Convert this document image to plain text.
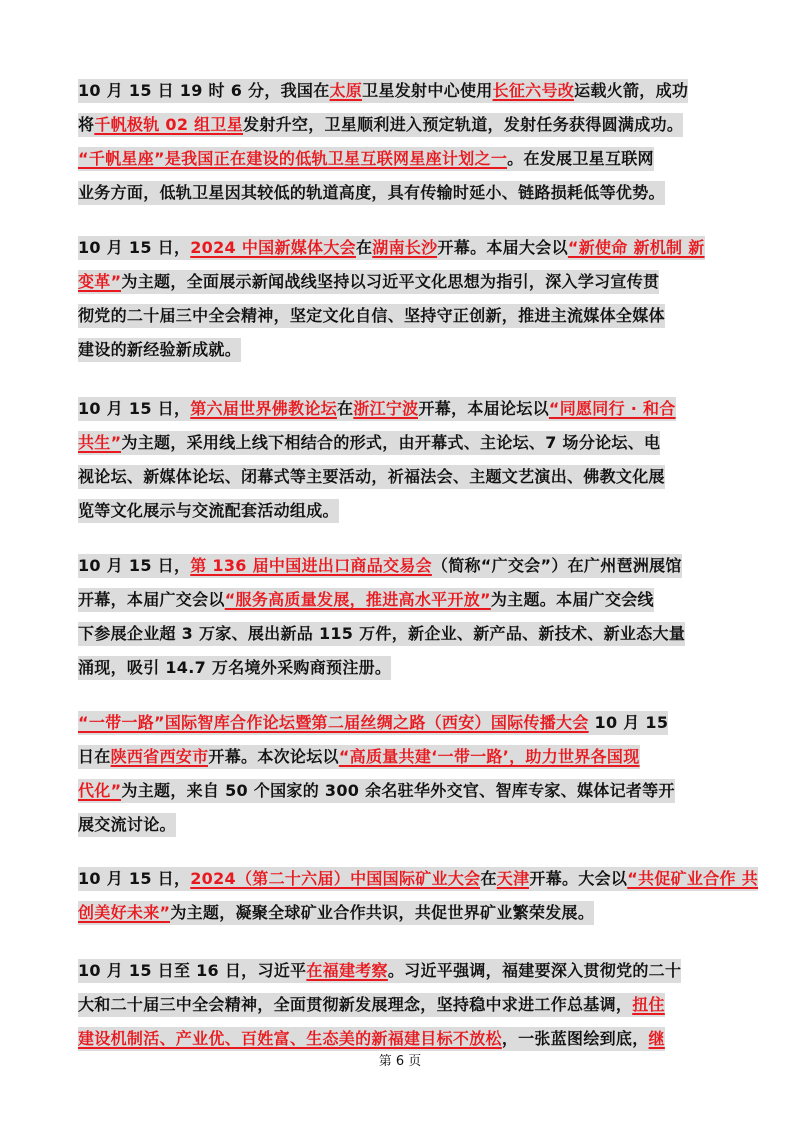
10 月 15 日 19 时 6 分，我国在太原卫星发射中心使用长征六号改运载火箭，成功
将千帆极轨 02 组卫星发射升空，卫星顺利进入预定轨道，发射任务获得圆满成功。
“千帆星座”是我国正在建设的低轨卫星互联网星座计划之一。在发展卫星互联网
业务方面，低轨卫星因其较低的轨道高度，具有传输时延小、链路损耗低等优势。
10 月 15 日，2024 中国新媒体大会在湖南长沙开幕。本届大会以“新使命 新机制 新
变革”为主题，全面展示新闻战线坚持以习近平文化思想为指引，深入学习宣传贯
彻党的二十届三中全会精神，坚定文化自信、坚持守正创新，推进主流媒体全媒体
建设的新经验新成就。
10 月 15 日，第六届世界佛教论坛在浙江宁波开幕，本届论坛以“同愿同行 · 和合
共生”为主题，采用线上线下相结合的形式，由开幕式、主论坛、7 场分论坛、电
视论坛、新媒体论坛、闭幕式等主要活动，祈福法会、主题文艺演出、佛教文化展
览等文化展示与交流配套活动组成。
10 月 15 日，第 136 届中国进出口商品交易会（简称“广交会”）在广州琶洲展馆
开幕，本届广交会以“服务高质量发展，推进高水平开放”为主题。本届广交会线
下参展企业超 3 万家、展出新品 115 万件，新企业、新产品、新技术、新业态大量
涌现，吸引 14.7 万名境外采购商预注册。
“一带一路”国际智库合作论坛暨第二届丝绸之路（西安）国际传播大会 10 月 15
日在陕西省西安市开幕。本次论坛以“高质量共建‘一带一路’，助力世界各国现
代化”为主题，来自 50 个国家的 300 余名驻华外交官、智库专家、媒体记者等开
展交流讨论。
10 月 15 日，2024（第二十六届）中国国际矿业大会在天津开幕。大会以“共促矿业合作 共
创美好未来”为主题，凝聚全球矿业合作共识，共促世界矿业繁荣发展。
10 月 15 日至 16 日，习近平在福建考察。习近平强调，福建要深入贯彻党的二十
大和二十届三中全会精神，全面贯彻新发展理念，坚持稳中求进工作总基调，扭住
建设机制活、产业优、百姓富、生态美的新福建目标不放松，一张蓝图绘到底，继
第 6 页
